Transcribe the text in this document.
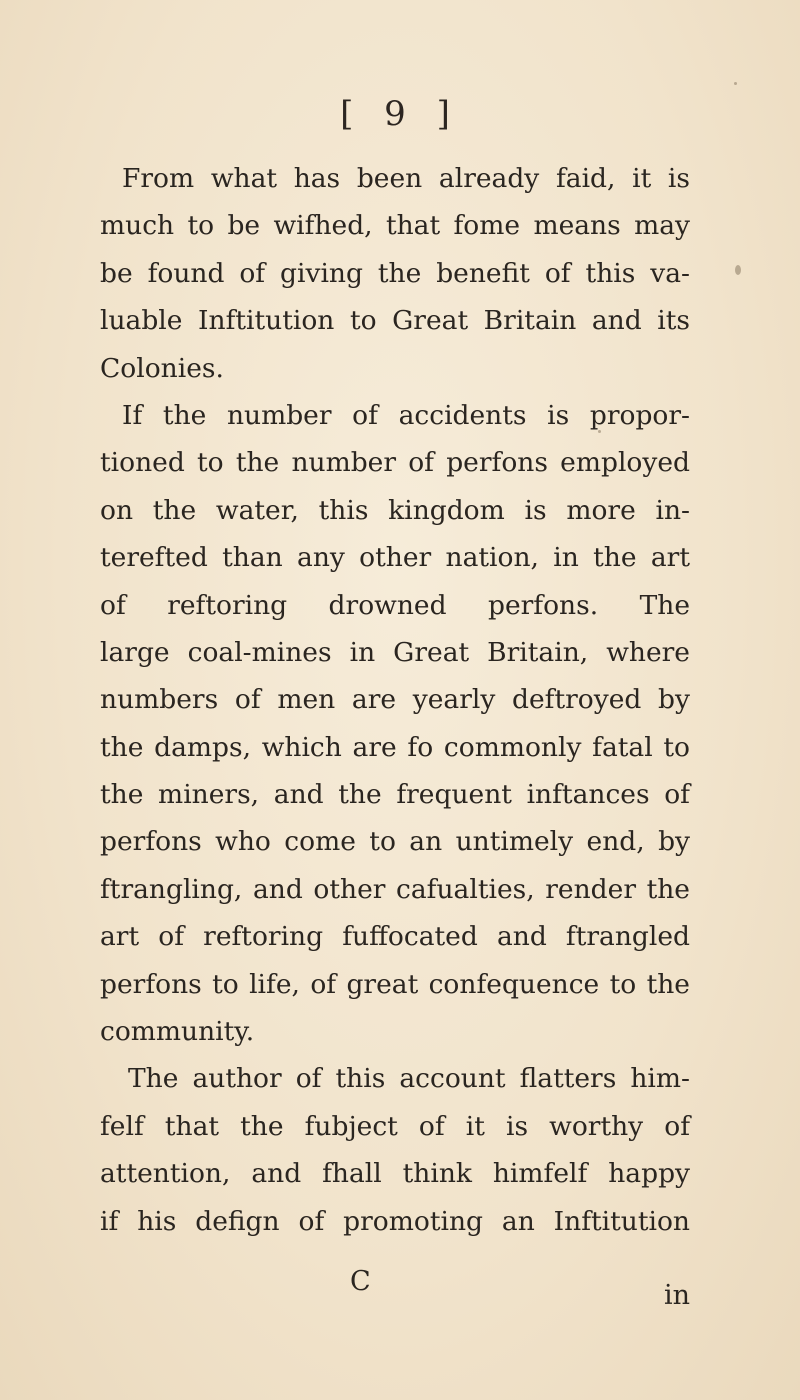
[ 9 ]
From what has been already faid, it is
much to be wifhed, that fome means may
be found of giving the benefit of this va-
luable Inftitution to Great Britain and its
Colonies.
If the number of accidents is propor-
tioned to the number of perfons employed
on the water, this kingdom is more in-
terefted than any other nation, in the art
of reftoring drowned perfons. The
large coal-mines in Great Britain, where
numbers of men are yearly deftroyed by
the damps, which are fo commonly fatal to
the miners, and the frequent inftances of
perfons who come to an untimely end, by
ftrangling, and other cafualties, render the
art of reftoring fuffocated and ftrangled
perfons to life, of great confequence to the
community.
The author of this account flatters him-
felf that the fubject of it is worthy of
attention, and fhall think himfelf happy
if his defign of promoting an Inftitution
C	in
